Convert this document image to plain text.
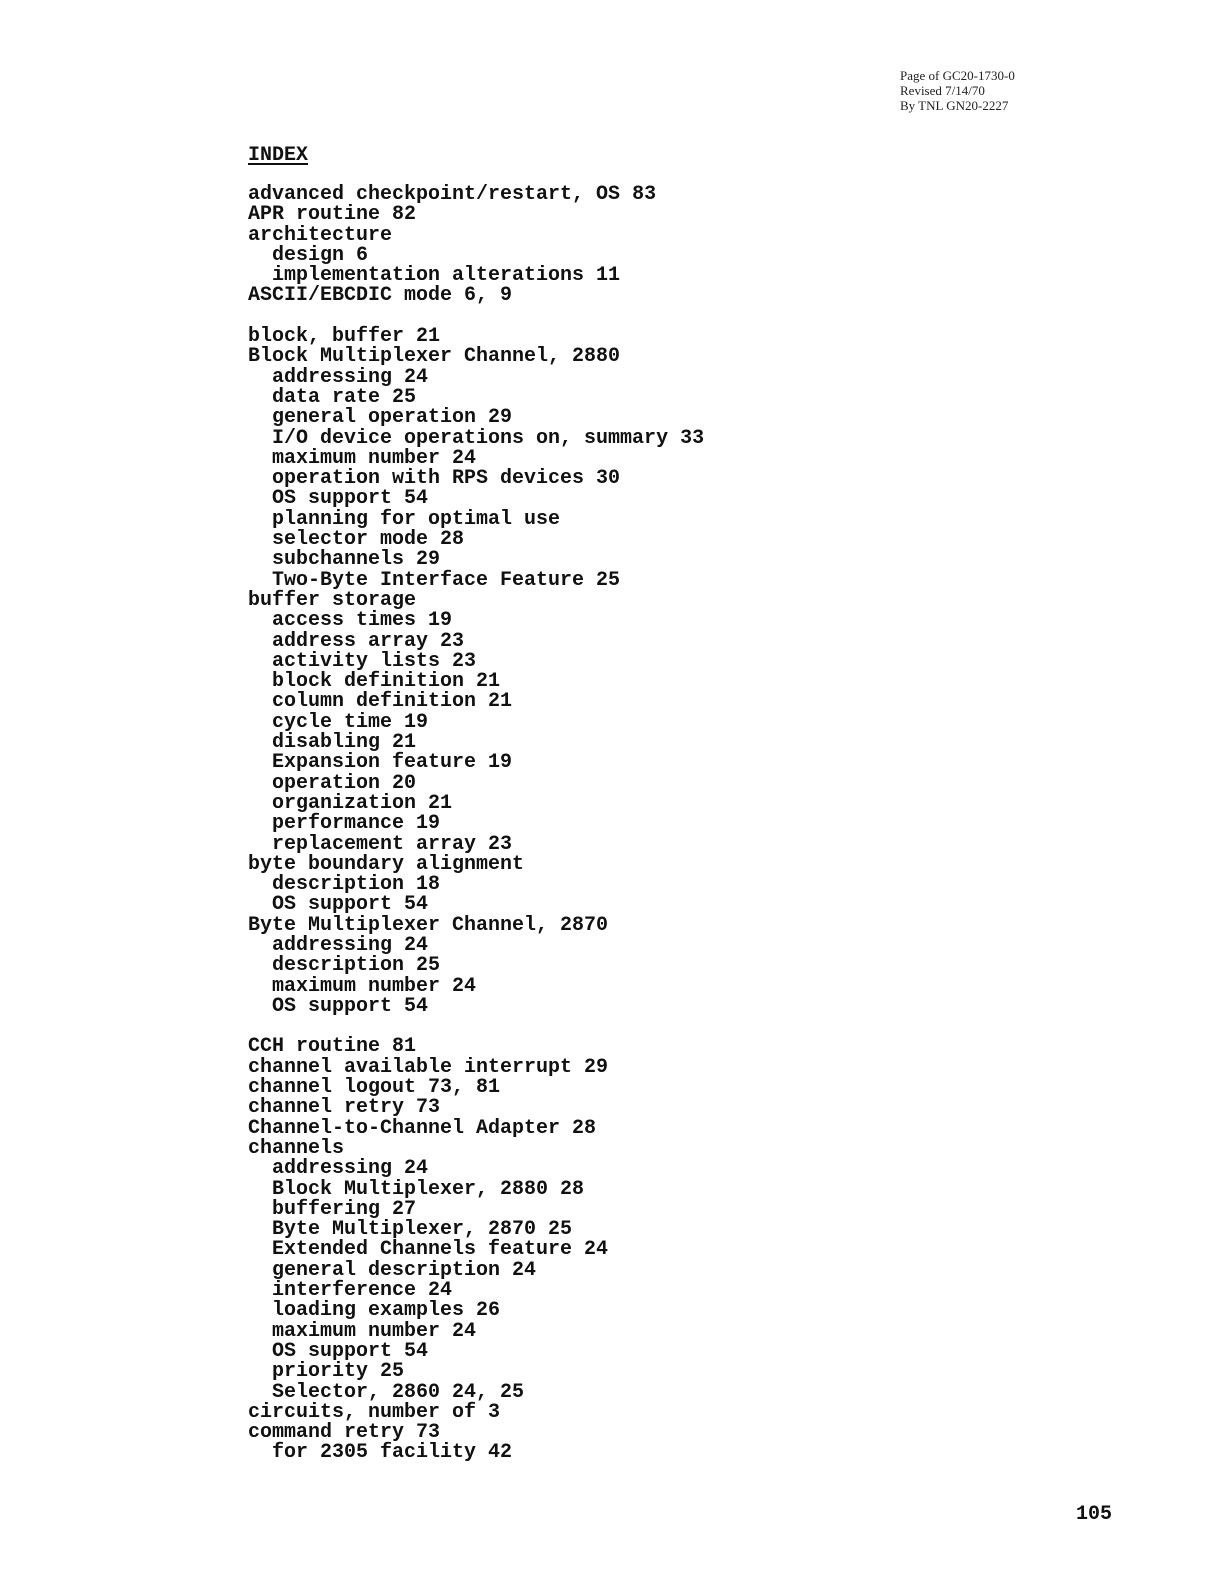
Page of GC20-1730-0
Revised 7/14/70
By TNL GN20-2227
INDEX
advanced checkpoint/restart, OS 83
APR routine 82
architecture
design 6
implementation alterations 11
ASCII/EBCDIC mode 6, 9
block, buffer 21
Block Multiplexer Channel, 2880
addressing 24
data rate 25
general operation 29
I/O device operations on, summary 33
maximum number 24
operation with RPS devices 30
OS support 54
planning for optimal use
selector mode 28
subchannels 29
Two-Byte Interface Feature 25
buffer storage
access times 19
address array 23
activity lists 23
block definition 21
column definition 21
cycle time 19
disabling 21
Expansion feature 19
operation 20
organization 21
performance 19
replacement array 23
byte boundary alignment
description 18
OS support 54
Byte Multiplexer Channel, 2870
addressing 24
description 25
maximum number 24
OS support 54
CCH routine 81
channel available interrupt 29
channel logout 73, 81
channel retry 73
Channel-to-Channel Adapter 28
channels
addressing 24
Block Multiplexer, 2880 28
buffering 27
Byte Multiplexer, 2870 25
Extended Channels feature 24
general description 24
interference 24
loading examples 26
maximum number 24
OS support 54
priority 25
Selector, 2860 24, 25
circuits, number of 3
command retry 73
for 2305 facility 42
105
